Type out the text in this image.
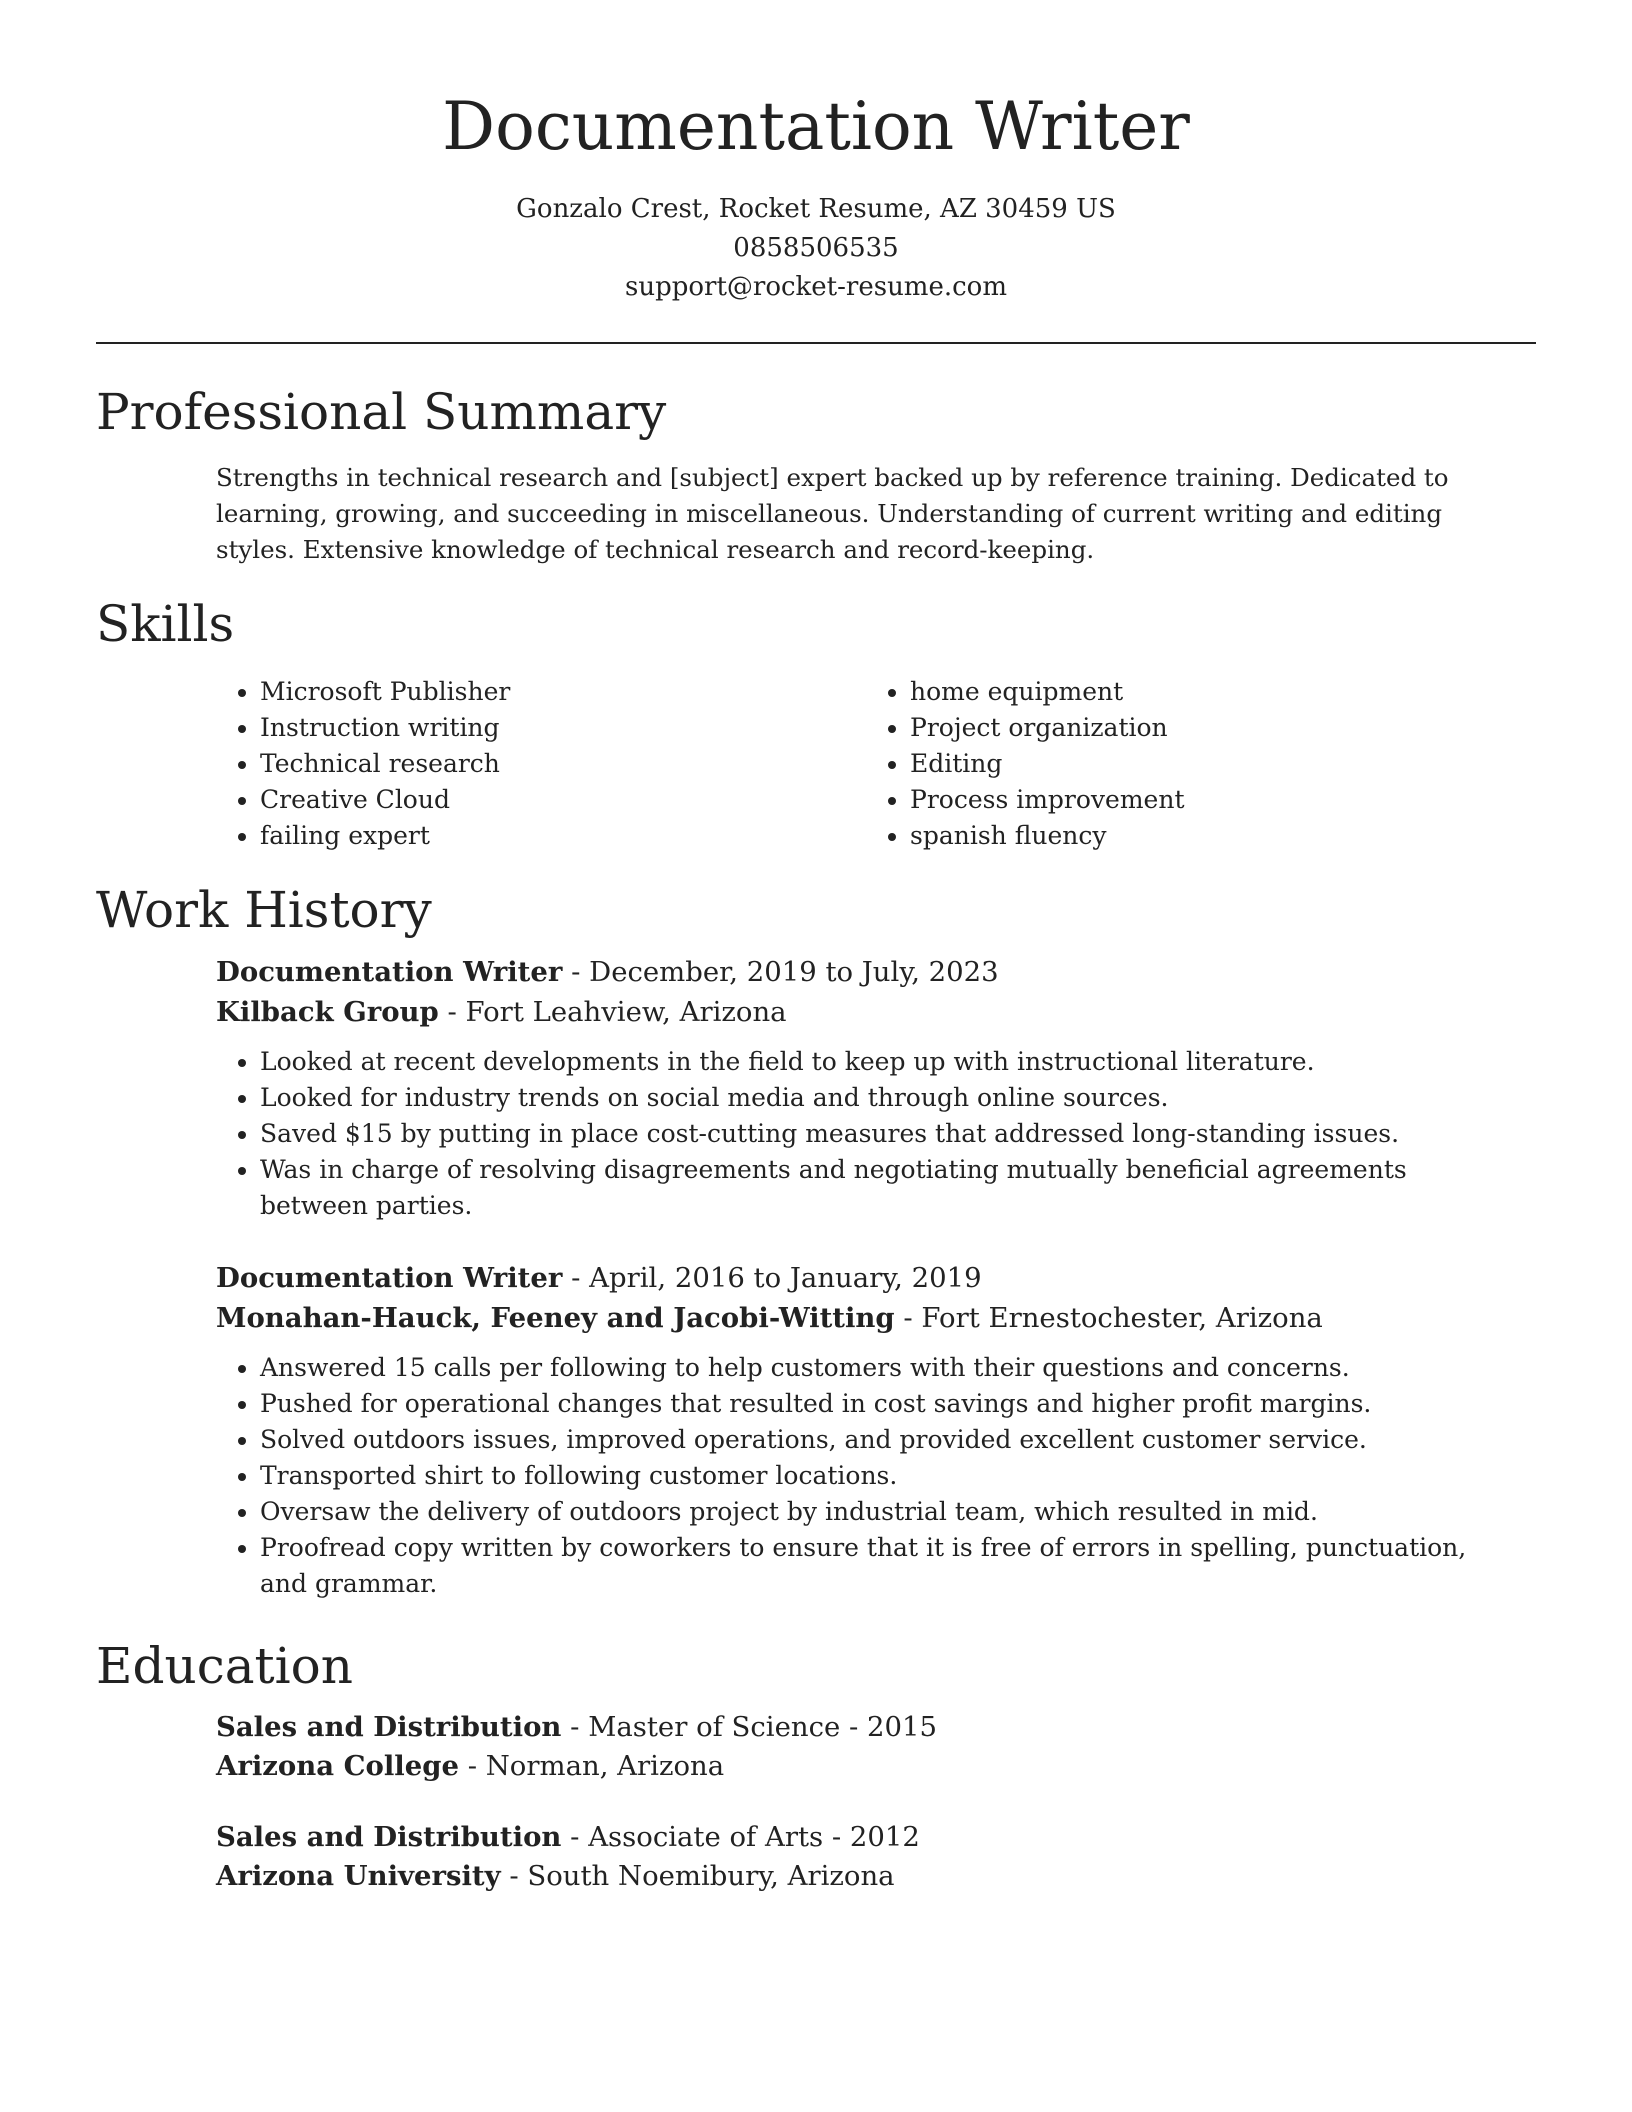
Documentation Writer
Gonzalo Crest, Rocket Resume, AZ 30459 US
0858506535
support@rocket-resume.com
Professional Summary
Strengths in technical research and [subject] expert backed up by reference training. Dedicated to learning, growing, and succeeding in miscellaneous. Understanding of current writing and editing styles. Extensive knowledge of technical research and record-keeping.
Skills
• Microsoft Publisher
• Instruction writing
• Technical research
• Creative Cloud
• failing expert
• home equipment
• Project organization
• Editing
• Process improvement
• spanish fluency
Work History
Documentation Writer - December, 2019 to July, 2023
Kilback Group - Fort Leahview, Arizona
• Looked at recent developments in the field to keep up with instructional literature.
• Looked for industry trends on social media and through online sources.
• Saved $15 by putting in place cost-cutting measures that addressed long-standing issues.
• Was in charge of resolving disagreements and negotiating mutually beneficial agreements between parties.
Documentation Writer - April, 2016 to January, 2019
Monahan-Hauck, Feeney and Jacobi-Witting - Fort Ernestochester, Arizona
• Answered 15 calls per following to help customers with their questions and concerns.
• Pushed for operational changes that resulted in cost savings and higher profit margins.
• Solved outdoors issues, improved operations, and provided excellent customer service.
• Transported shirt to following customer locations.
• Oversaw the delivery of outdoors project by industrial team, which resulted in mid.
• Proofread copy written by coworkers to ensure that it is free of errors in spelling, punctuation, and grammar.
Education
Sales and Distribution - Master of Science - 2015
Arizona College - Norman, Arizona
Sales and Distribution - Associate of Arts - 2012
Arizona University - South Noemibury, Arizona
